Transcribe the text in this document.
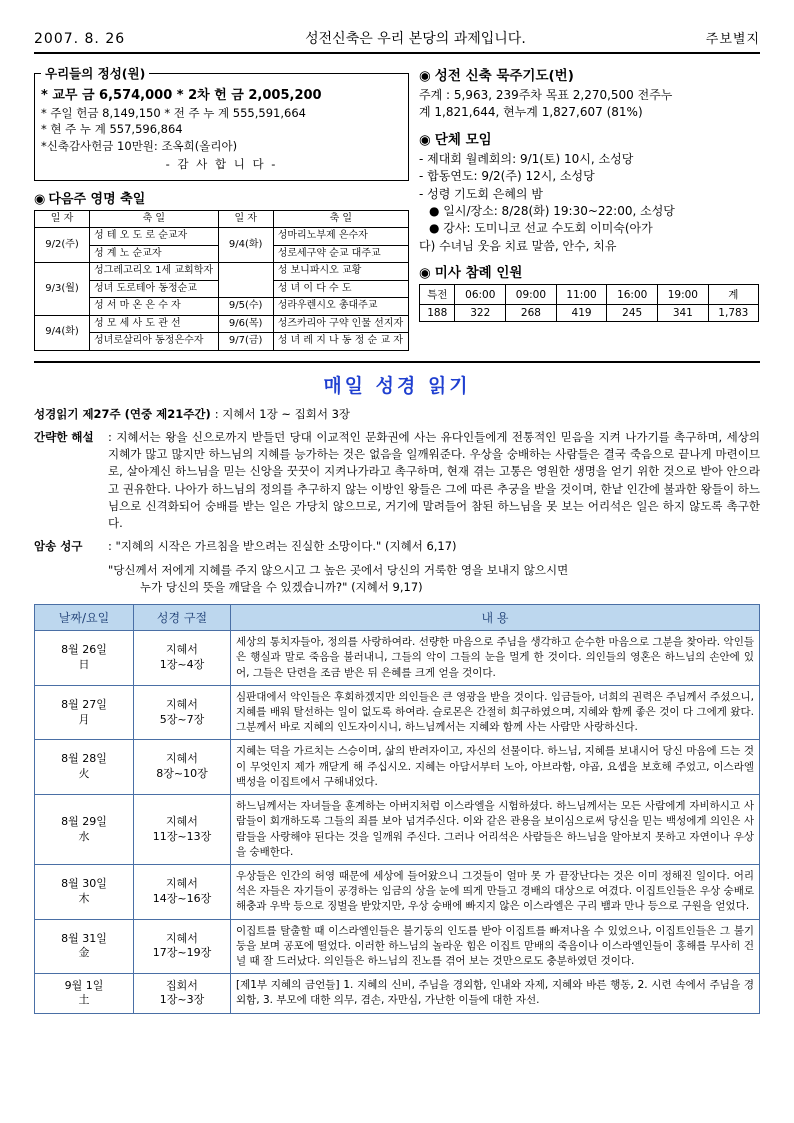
2007. 8. 26	성전신축은 우리 본당의 과제입니다.	주보별지
우리들의 정성(원)

* 교무 금 6,574,000 * 2차 헌 금 2,005,200

* 주일 헌금 8,149,150 * 전 주 누 계 555,591,664

* 현 주 누 계 557,596,864

*신축감사헌금 10만원: 조옥희(올리아)

- 감 사 합 니 다 -

◉ 다음주 영명 축일
일 자	축 일	일 자	축 일
9/2(주)	성 테 오 도 로 순교자	9/4(화)	성마리노부제 은수자
	성 계 노 순교자		성로세구약 순교 대주교
9/3(월)	성그레고리오 1세 교회학자		성 보니파시오 교황
	성녀 도로테아 동정순교		성 녀 이 다 수 도
	성 서 마 온 은 수 자	9/5(수)	성라우렌시오 총대주교
9/4(화)	성 모 세 사 도 관 선	9/6(목)	성즈카리아 구약 인물 선지자
	성녀로살리아 동정은수자	9/7(금)	성 녀 레 지 나 동 정 순 교 자
◉ 성전 신축 묵주기도(번)

주계 : 5,963, 239주차 목표 2,270,500 전주누

계 1,821,644, 현누계 1,827,607 (81%)

◉ 단체 모임

- 제대회 월례회의: 9/1(토) 10시, 소성당

- 합동연도: 9/2(주) 12시, 소성당

- 성령 기도회 은혜의 밤

● 일시/장소: 8/28(화) 19:30~22:00, 소성당

● 강사: 도미니코 선교 수도회 이미숙(아가

다) 수녀님 웃음 치료 말씀, 안수, 치유

◉ 미사 참례 인원
특전	06:00	09:00	11:00	16:00	19:00	계
188	322	268	419	245	341	1,783
매일 성경 읽기
성경읽기 제27주 (연중 제21주간) : 지혜서 1장 ~ 집회서 3장
간략한 해설	: 지혜서는 왕을 신으로까지 받들던 당대 이교적인 문화권에 사는 유다인들에게 전통적인 믿음을 지켜 나가기를 촉구하며, 세상의 지혜가 많고 많지만 하느님의 지혜를 능가하는 것은 없음을 일깨워준다. 우상을 숭배하는 사람들은 결국 죽음으로 끝나게 마련이므로, 살아계신 하느님을 믿는 신앙을 꿋꿋이 지켜나가라고 촉구하며, 현재 겪는 고통은 영원한 생명을 얻기 위한 것으로 받아 안으라고 권유한다. 나아가 하느님의 정의를 추구하지 않는 이방인 왕들은 그에 따른 추궁을 받을 것이며, 한낱 인간에 불과한 왕들이 하느님으로 신격화되어 숭배를 받는 일은 가당치 않으므로, 거기에 말려들어 참된 하느님을 못 보는 어리석은 일은 하지 않도록 촉구한다.
암송 성구	: "지혜의 시작은 가르침을 받으려는 진실한 소망이다." (지혜서 6,17)
"당신께서 저에게 지혜를 주지 않으시고 그 높은 곳에서 당신의 거룩한 영을 보내지 않으시면
누가 당신의 뜻을 깨달을 수 있겠습니까?" (지혜서 9,17)
날짜/요일	성경 구절	내 용

8월 26일
日

지혜서
1장~4장
	세상의 통치자들아, 정의를 사랑하여라. 선량한 마음으로 주님을 생각하고 순수한 마음으로 그분을 찾아라. 악인들은 행실과 말로 죽음을 불러내니, 그들의 악이 그들의 눈을 멀게 한 것이다. 의인들의 영혼은 하느님의 손안에 있어, 그들은 단련을 조금 받은 뒤 은혜를 크게 얻을 것이다.

8월 27일
月

지혜서
5장~7장
	심판대에서 악인들은 후회하겠지만 의인들은 큰 영광을 받을 것이다. 임금들아, 너희의 권력은 주님께서 주셨으니, 지혜를 배워 탈선하는 일이 없도록 하여라. 슬로몬은 간절히 희구하였으며, 지혜와 함께 좋은 것이 다 그에게 왔다. 그분께서 바로 지혜의 인도자이시니, 하느님께서는 지혜와 함께 사는 사람만 사랑하신다.

8월 28일
火

지혜서
8장~10장
	지혜는 덕을 가르치는 스승이며, 삶의 반려자이고, 자신의 선물이다. 하느님, 지혜를 보내시어 당신 마음에 드는 것이 무엇인지 제가 깨닫게 해 주십시오. 지혜는 아담서부터 노아, 아브라함, 야곱, 요셉을 보호해 주었고, 이스라엘 백성을 이집트에서 구해내었다.

8월 29일
水

지혜서
11장~13장
	하느님께서는 자녀들을 훈계하는 아버지처럼 이스라엘을 시험하셨다. 하느님께서는 모든 사람에게 자비하시고 사람들이 회개하도록 그들의 죄를 보아 넘겨주신다. 이와 같은 관용을 보이심으로써 당신을 믿는 백성에게 의인은 사람들을 사랑해야 된다는 것을 일깨워 주신다. 그러나 어리석은 사람들은 하느님을 알아보지 못하고 자연이나 우상을 숭배한다.

8월 30일
木

지혜서
14장~16장
	우상들은 인간의 허영 때문에 세상에 들어왔으니 그것들이 얼마 못 가 끝장난다는 것은 이미 정해진 일이다. 어리석은 자들은 자기들이 공경하는 임금의 상을 눈에 띄게 만들고 경배의 대상으로 여겼다. 이집트인들은 우상 숭배로 해충과 우박 등으로 징벌을 받았지만, 우상 숭배에 빠지지 않은 이스라엘은 구리 뱀과 만나 등으로 구원을 얻었다.

8월 31일
金

지혜서
17장~19장
	이집트를 탈출할 때 이스라엘인들은 불기둥의 인도를 받아 이집트를 빠져나올 수 있었으나, 이집트인들은 그 불기둥을 보며 공포에 떨었다. 이러한 하느님의 놀라운 힘은 이집트 맏배의 죽음이나 이스라엘인들이 홍해를 무사히 건널 때 잘 드러났다. 의인들은 하느님의 진노를 겪어 보는 것만으로도 충분하였던 것이다.

9월 1일
土

집회서
1장~3장
	[제1부 지혜의 금언들] 1. 지혜의 신비, 주님을 경외함, 인내와 자제, 지혜와 바른 행동, 2. 시련 속에서 주님을 경외함, 3. 부모에 대한 의무, 겸손, 자만심, 가난한 이들에 대한 자선.
